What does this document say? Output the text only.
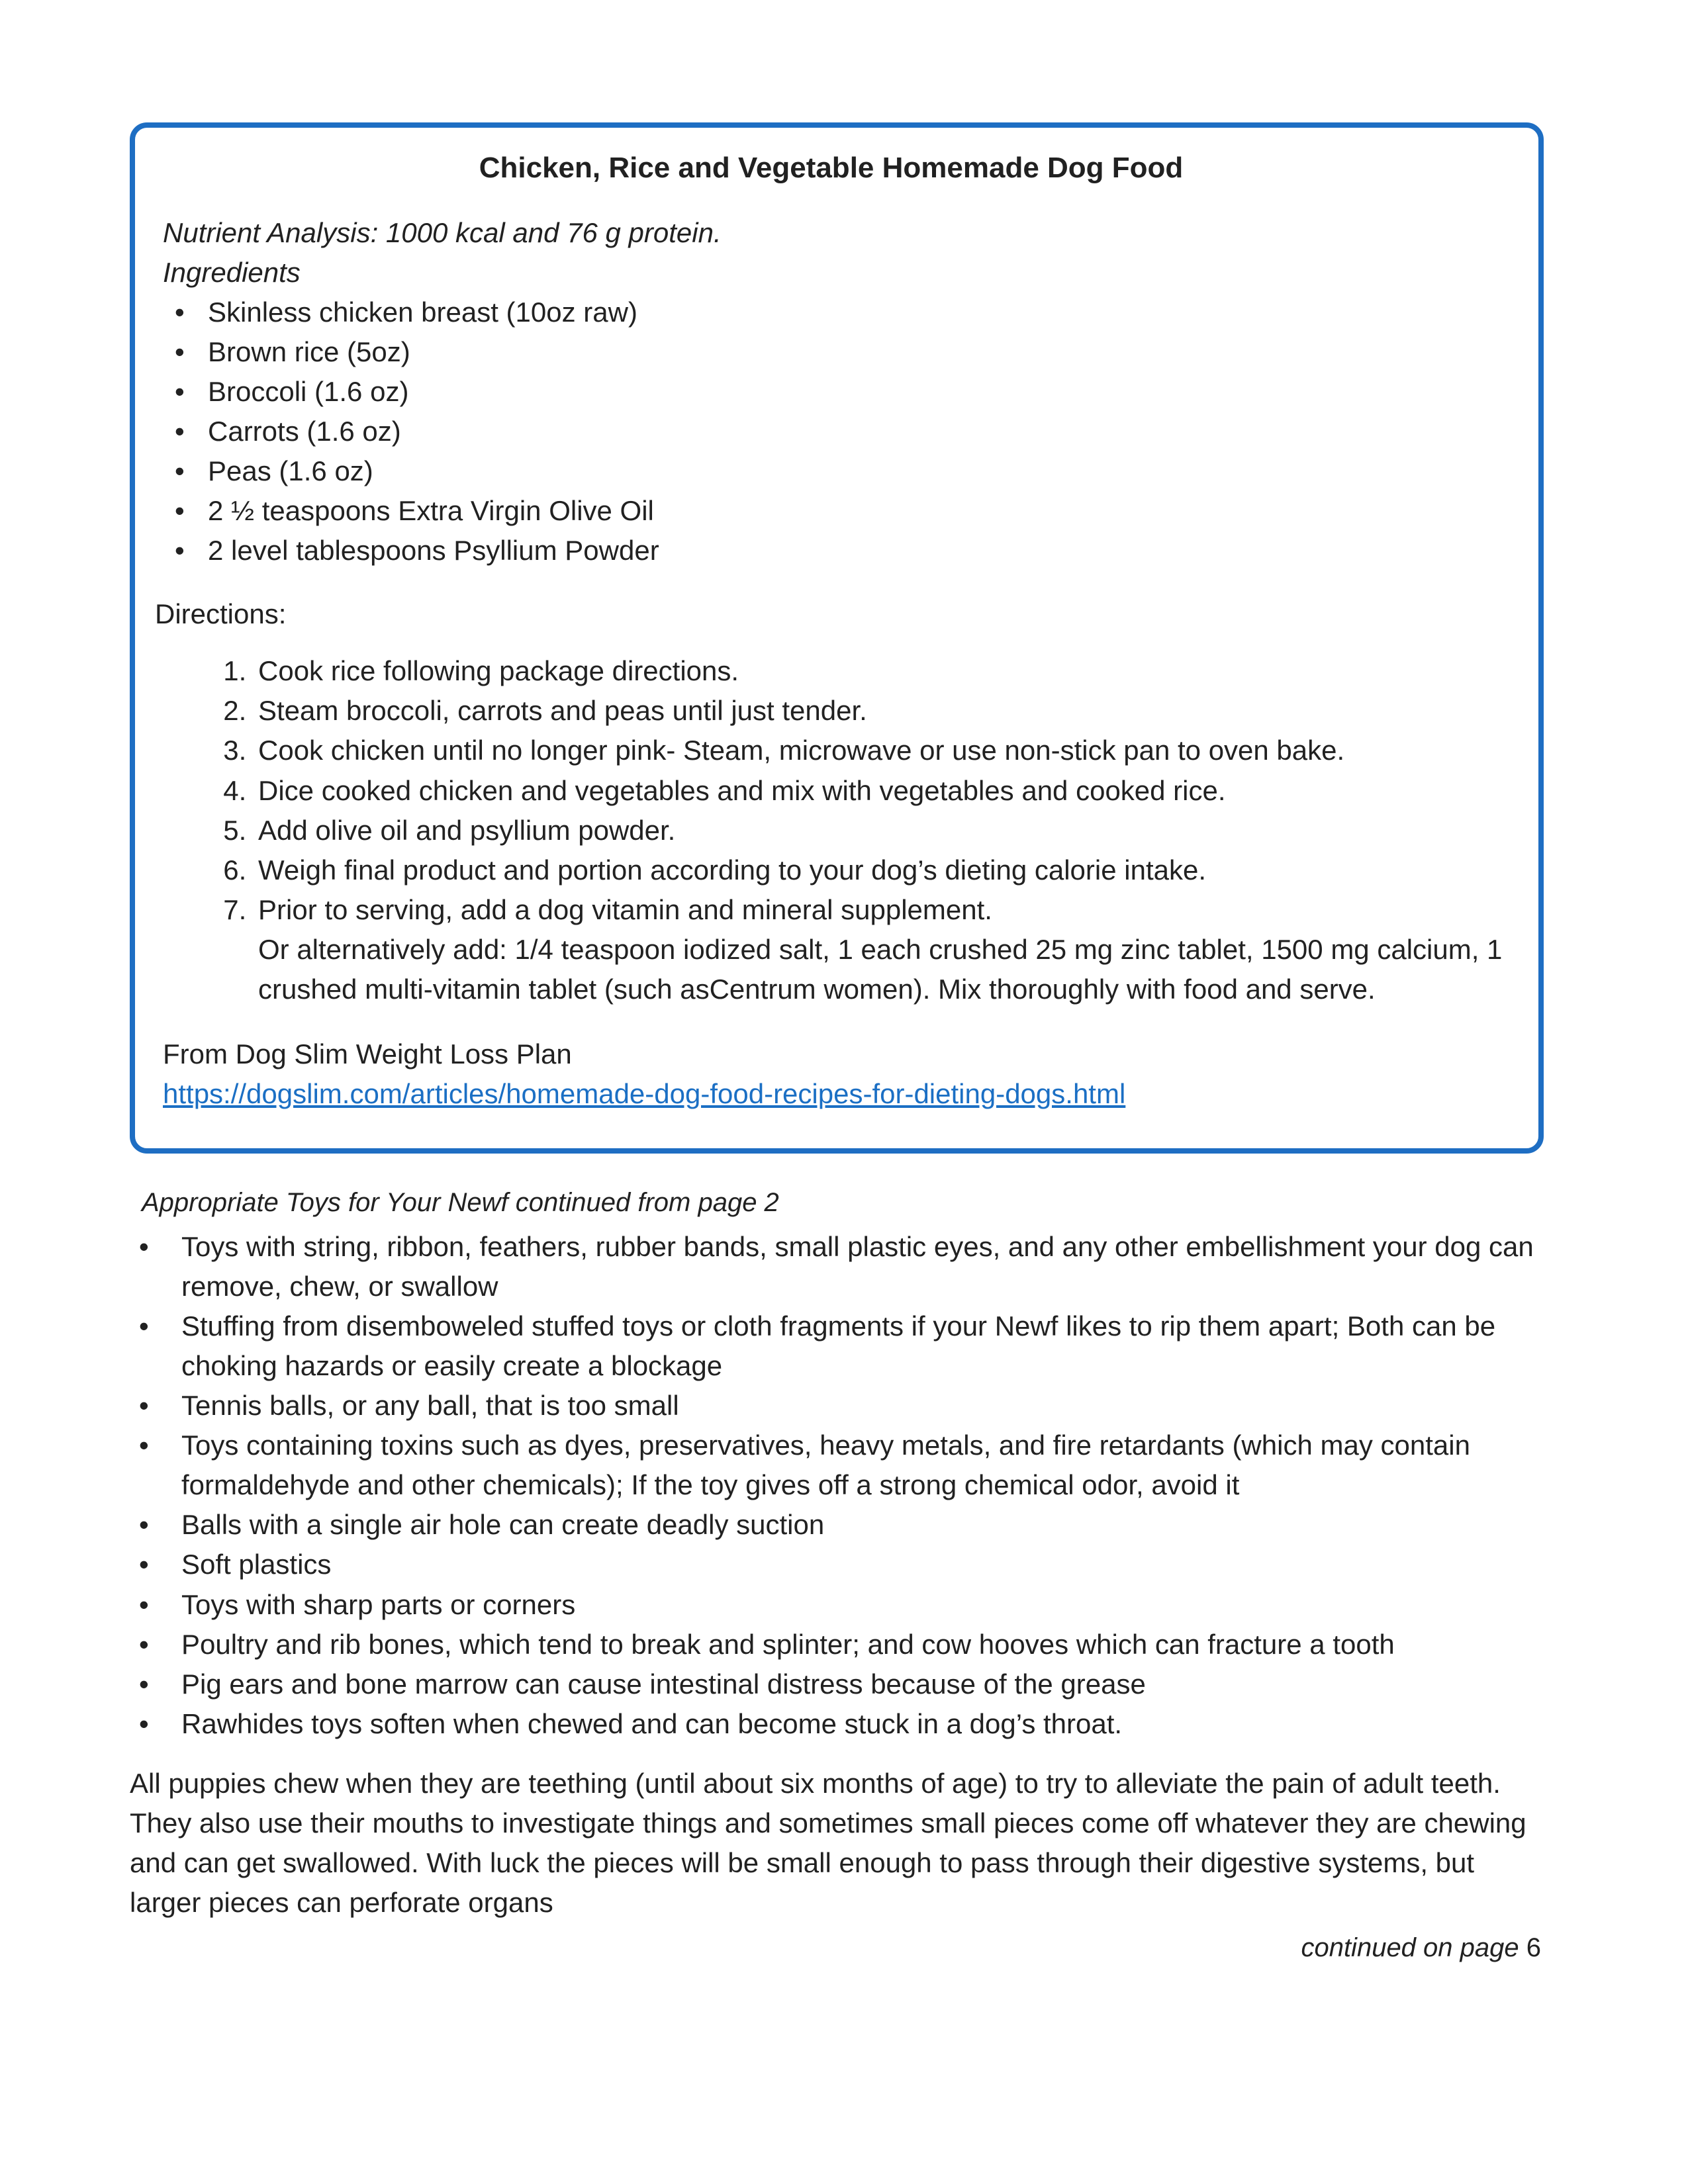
Chicken, Rice and Vegetable Homemade Dog Food
Nutrient Analysis: 1000 kcal and 76 g protein.
Ingredients
• Skinless chicken breast (10oz raw)
• Brown rice (5oz)
• Broccoli (1.6 oz)
• Carrots (1.6 oz)
• Peas (1.6 oz)
• 2 ½ teaspoons Extra Virgin Olive Oil
• 2 level tablespoons Psyllium Powder
Directions:
1. Cook rice following package directions.
2. Steam broccoli, carrots and peas until just tender.
3. Cook chicken until no longer pink- Steam, microwave or use non-stick pan to oven bake.
4. Dice cooked chicken and vegetables and mix with vegetables and cooked rice.
5. Add olive oil and psyllium powder.
6. Weigh final product and portion according to your dog’s dieting calorie intake.
7. Prior to serving, add a dog vitamin and mineral supplement.
Or alternatively add: 1/4 teaspoon iodized salt, 1 each crushed 25 mg zinc tablet, 1500 mg calcium, 1 crushed multi-vitamin tablet (such asCentrum women). Mix thoroughly with food and serve.
From Dog Slim Weight Loss Plan
https://dogslim.com/articles/homemade-dog-food-recipes-for-dieting-dogs.html
Appropriate Toys for Your Newf continued from page 2
•	Toys with string, ribbon, feathers, rubber bands, small plastic eyes, and any other embellishment your dog can remove, chew, or swallow
•	Stuffing from disemboweled stuffed toys or cloth fragments if your Newf likes to rip them apart; Both can be choking hazards or easily create a blockage
•	Tennis balls, or any ball, that is too small
•	Toys containing toxins such as dyes, preservatives, heavy metals, and fire retardants (which may contain formaldehyde and other chemicals); If the toy gives off a strong chemical odor, avoid it
•	Balls with a single air hole can create deadly suction
•	Soft plastics
•	Toys with sharp parts or corners
•	Poultry and rib bones, which tend to break and splinter; and cow hooves which can fracture a tooth
•	Pig ears and bone marrow can cause intestinal distress because of the grease
•	Rawhides toys soften when chewed and can become stuck in a dog’s throat.

All puppies chew when they are teething (until about six months of age) to try to alleviate the pain of adult teeth. They also use their mouths to investigate things and sometimes small pieces come off whatever they are chewing and can get swallowed. With luck the pieces will be small enough to pass through their digestive systems, but larger pieces can perforate organs

continued on page 6
